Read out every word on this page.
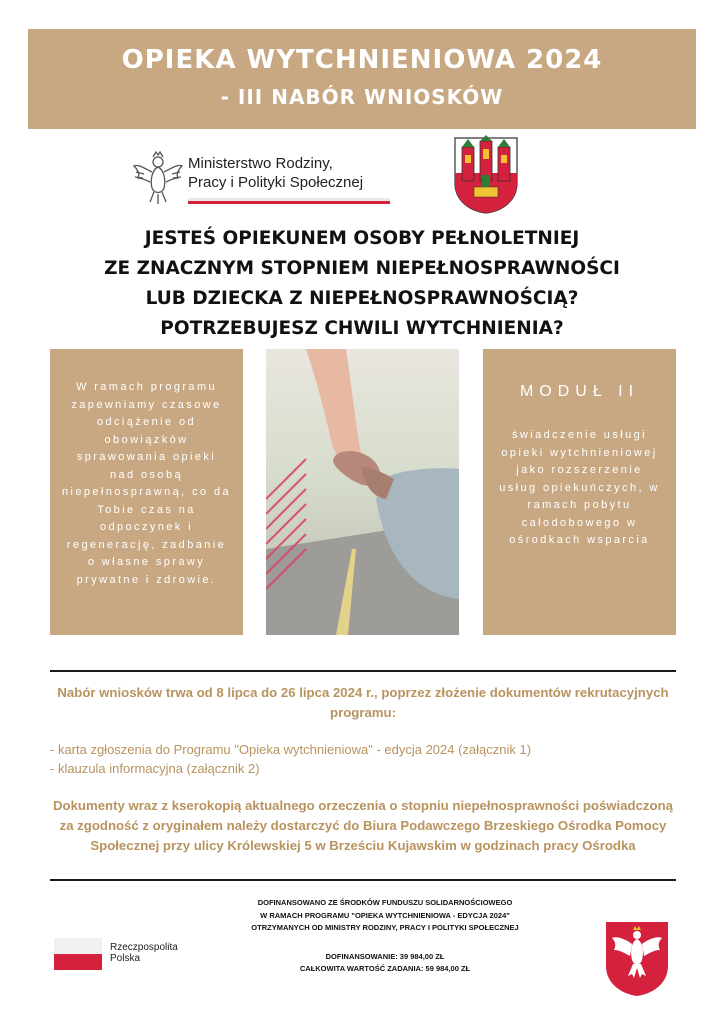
OPIEKA WYTCHNIENIOWA 2024
- III NABÓR WNIOSKÓW
Ministerstwo Rodziny,
Pracy i Polityki Społecznej
JESTEŚ OPIEKUNEM OSOBY PEŁNOLETNIEJ
ZE ZNACZNYM STOPNIEM NIEPEŁNOSPRAWNOŚCI
LUB DZIECKA Z NIEPEŁNOSPRAWNOŚCIĄ?
POTRZEBUJESZ CHWILI WYTCHNIENIA?

W ramach programu zapewniamy czasowe odciążenie od obowiązków sprawowania opieki nad osobą niepełnosprawną, co da Tobie czas na odpoczynek i regenerację, zadbanie o własne sprawy prywatne i zdrowie.

MODUŁ II

świadczenie usługi opieki wytchnieniowej jako rozszerzenie usług opiekuńczych, w ramach pobytu całodobowego w ośrodkach wsparcia

Nabór wniosków trwa od 8 lipca do 26 lipca 2024 r., poprzez złożenie dokumentów rekrutacyjnych programu:
- karta zgłoszenia do Programu "Opieka wytchnieniowa" - edycja 2024 (załącznik 1)
- klauzula informacyjna (załącznik 2)
Dokumenty wraz z kserokopią aktualnego orzeczenia o stopniu niepełnosprawności poświadczoną za zgodność z oryginałem należy dostarczyć do Biura Podawczego Brzeskiego Ośrodka Pomocy Społecznej przy ulicy Królewskiej 5 w Brześciu Kujawskim w godzinach pracy Ośrodka
Rzeczpospolita
Polska
DOFINANSOWANO ZE ŚRODKÓW FUNDUSZU SOLIDARNOŚCIOWEGO
W RAMACH PROGRAMU "OPIEKA WYTCHNIENIOWA - EDYCJA 2024"
OTRZYMANYCH OD MINISTRY RODZINY, PRACY I POLITYKI SPOŁECZNEJ
DOFINANSOWANIE: 39 984,00 ZŁ
CAŁKOWITA WARTOŚĆ ZADANIA: 59 984,00 ZŁ
